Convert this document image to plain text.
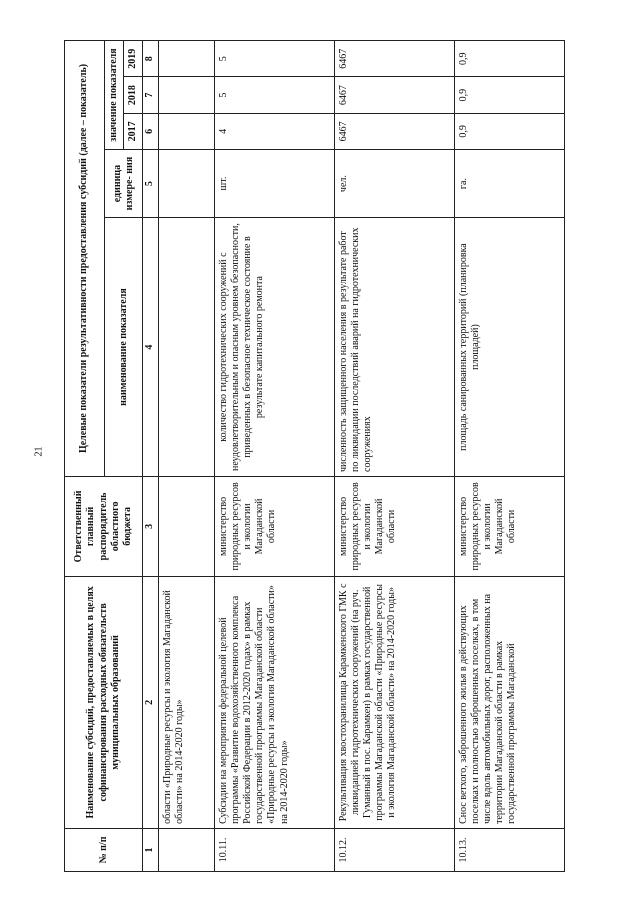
21
№ п/п	Наименование субсидий, предоставляемых в целях софинансирования расходных обязательств муниципальных образований	Ответственный главный распорядитель областного бюджета	Целевые показатели результативности предоставления субсидий (далее – показатель)				
			наименование показателя	единица измере- ния	значение показателя		
					2017	2018	2019
1	2	3	4	5	6	7	8
	области «Природные ресурсы и экология Магаданской области» на 2014-2020 годы»						
10.11.	Субсидии на мероприятия федеральной целевой программы «Развитие водохозяйственного комплекса Российской Федерации в 2012-2020 годах» в рамках государственной программы Магаданской области «Природные ресурсы и экология Магаданской области» на 2014-2020 годы»	министерство природных ресурсов и экологии Магаданской области	количество гидротехнических сооружений с неудовлетворительным и опасным уровнем безопасности, приведенных в безопасное техническое состояние в результате капитального ремонта	шт.	4	5	5
10.12.	Рекультивация хвостохранилища Карамкенского ГМК с ликвидацией гидротехнических сооружений (на руч. Гуманный в пос. Карамкен) в рамках государственной программы Магаданской области «Природные ресурсы и экология Магаданской области» на 2014-2020 годы»	министерство природных ресурсов и экологии Магаданской области	численность защищенного населения в результате работ по ликвидации последствий аварий на гидротехнических сооружениях	чел.	6467	6467	6467
10.13.	Снос ветхого, заброшенного жилья в действующих поселках и полностью заброшенных поселках, в том числе вдоль автомобильных дорог, расположенных на территории Магаданской области в рамках государственной программы Магаданской	министерство природных ресурсов и экологии Магаданской области	площадь санированных территорий (планировка площадей)	га.	0,9	0,9	0,9
